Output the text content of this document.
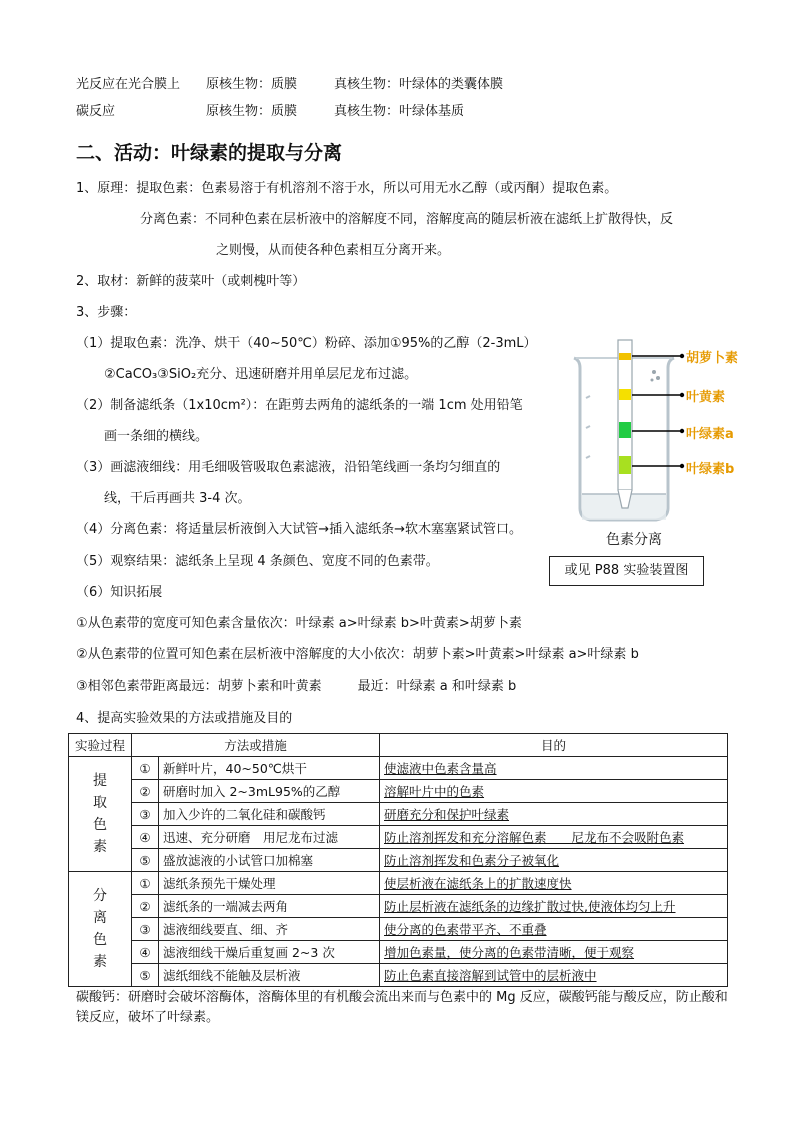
光反应在光合膜上 原核生物：质膜	真核生物：叶绿体的类囊体膜
碳反应	原核生物：质膜	真核生物：叶绿体基质
二、活动：叶绿素的提取与分离
1、原理：提取色素：色素易溶于有机溶剂不溶于水，所以可用无水乙醇（或丙酮）提取色素。
分离色素：不同种色素在层析液中的溶解度不同，溶解度高的随层析液在滤纸上扩散得快，反
之则慢，从而使各种色素相互分离开来。
2、取材：新鲜的菠菜叶（或刺槐叶等）
3、步骤：
（1）提取色素：洗净、烘干（40~50℃）粉碎、添加①95%的乙醇（2-3mL）
②CaCO₃③SiO₂充分、迅速研磨并用单层尼龙布过滤。
（2）制备滤纸条（1x10cm²）：在距剪去两角的滤纸条的一端 1cm 处用铅笔
画一条细的横线。
（3）画滤液细线：用毛细吸管吸取色素滤液，沿铅笔线画一条均匀细直的
线，干后再画共 3-4 次。
（4）分离色素：将适量层析液倒入大试管→插入滤纸条→软木塞塞紧试管口。
（5）观察结果：滤纸条上呈现 4 条颜色、宽度不同的色素带。
（6）知识拓展
①从色素带的宽度可知色素含量依次：叶绿素 a>叶绿素 b>叶黄素>胡萝卜素
②从色素带的位置可知色素在层析液中溶解度的大小依次：胡萝卜素>叶黄素>叶绿素 a>叶绿素 b
③相邻色素带距离最远：胡萝卜素和叶黄素	最近：叶绿素 a 和叶绿素 b
胡萝卜素
叶黄素
叶绿素a
叶绿素b
色素分离
或见 P88 实验装置图
4、提高实验效果的方法或措施及目的
实验过程	方法或措施		目的

提
取
色
素	①	新鲜叶片，40~50℃烘干	使滤液中色素含量高
	②	研磨时加入 2~3mL95%的乙醇	溶解叶片中的色素
	③	加入少许的二氧化硅和碳酸钙	研磨充分和保护叶绿素
	④	迅速、充分研磨　用尼龙布过滤	防止溶剂挥发和充分溶解色素　　尼龙布不会吸附色素
	⑤	盛放滤液的小试管口加棉塞	防止溶剂挥发和色素分子被氧化

分
离
色
素	①	滤纸条预先干燥处理	使层析液在滤纸条上的扩散速度快
	②	滤纸条的一端减去两角	防止层析液在滤纸条的边缘扩散过快,使液体均匀上升
	③	滤液细线要直、细、齐	使分离的色素带平齐、不重叠
	④	滤液细线干燥后重复画 2~3 次	增加色素量，使分离的色素带清晰，便于观察
	⑤	滤纸细线不能触及层析液	防止色素直接溶解到试管中的层析液中
碳酸钙：研磨时会破坏溶酶体，溶酶体里的有机酸会流出来而与色素中的 Mg 反应，碳酸钙能与酸反应，防止酸和镁反应，破坏了叶绿素。
